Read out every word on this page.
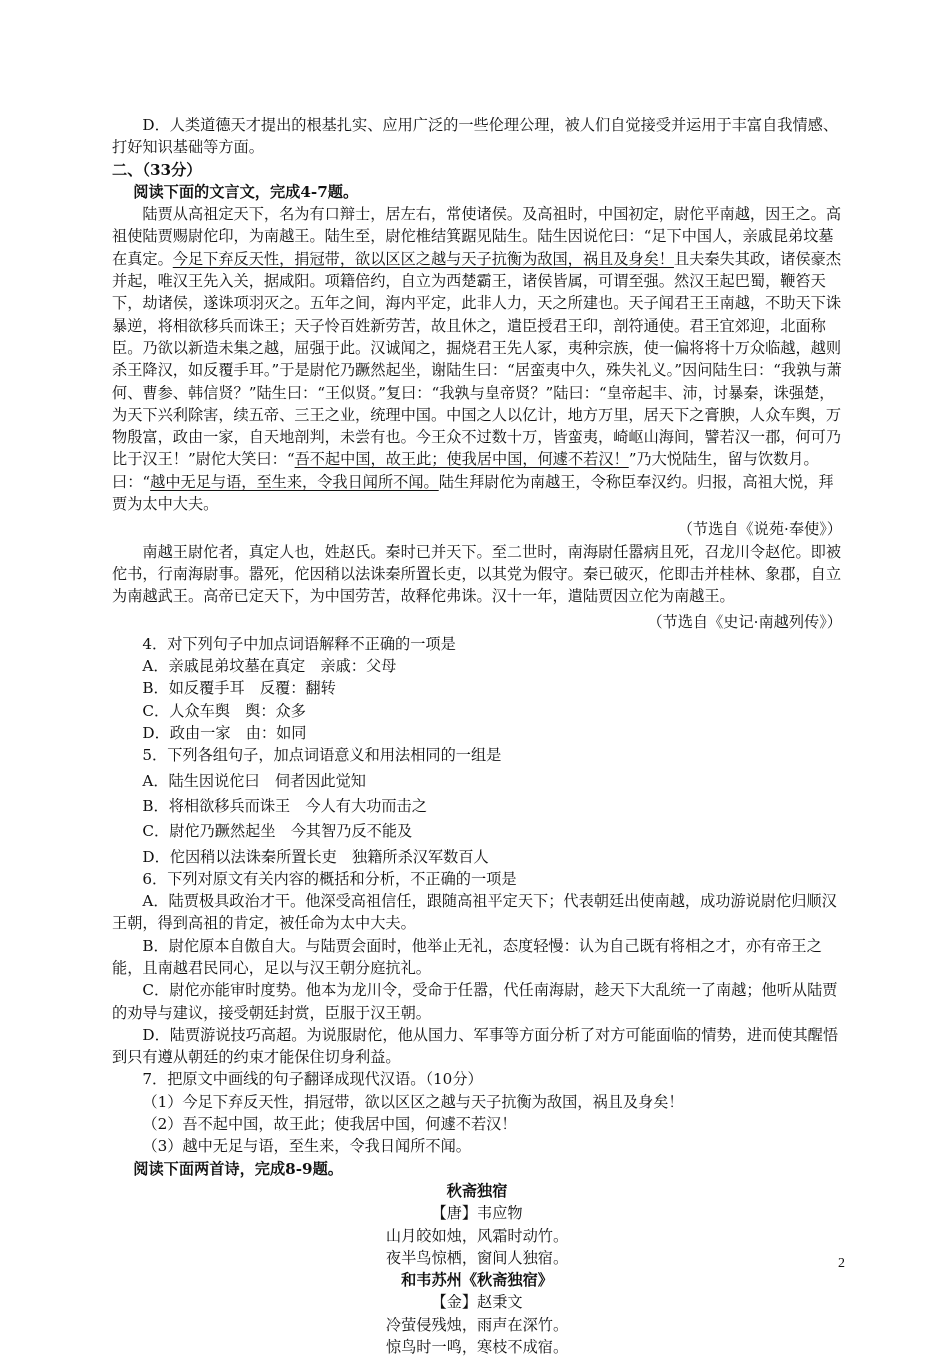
D．人类道德天才提出的根基扎实、应用广泛的一些伦理公理，被人们自觉接受并运用于丰富自我情感、打好知识基础等方面。

二、（33分）

阅读下面的文言文，完成4-7题。

陆贾从高祖定天下，名为有口辩士，居左右，常使诸侯。及高祖时，中国初定，尉佗平南越，因王之。高祖使陆贾赐尉佗印，为南越王。陆生至，尉佗椎结箕踞见陆生。陆生因说佗曰：“足下中国人，亲戚昆弟坟墓在真定。今足下弃反天性，捐冠带，欲以区区之越与天子抗衡为敌国，祸且及身矣！且夫秦失其政，诸侯豪杰并起，唯汉王先入关，据咸阳。项籍倍约，自立为西楚霸王，诸侯皆属，可谓至强。然汉王起巴蜀，鞭笞天下，劫诸侯，遂诛项羽灭之。五年之间，海内平定，此非人力，天之所建也。天子闻君王王南越，不助天下诛暴逆，将相欲移兵而诛王；天子怜百姓新劳苦，故且休之，遣臣授君王印，剖符通使。君王宜郊迎，北面称臣。乃欲以新造未集之越，屈强于此。汉诚闻之，掘烧君王先人冢，夷种宗族，使一偏将将十万众临越，越则杀王降汉，如反覆手耳。”于是尉佗乃蹶然起坐，谢陆生曰：“居蛮夷中久，殊失礼义。”因问陆生曰：“我孰与萧何、曹参、韩信贤？”陆生曰：“王似贤。”复曰：“我孰与皇帝贤？”陆曰：“皇帝起丰、沛，讨暴秦，诛强楚，为天下兴利除害，续五帝、三王之业，统理中国。中国之人以亿计，地方万里，居天下之膏腴，人众车舆，万物殷富，政由一家，自天地剖判，未尝有也。今王众不过数十万，皆蛮夷，崎岖山海间，譬若汉一郡，何可乃比于汉王！”尉佗大笑曰：“吾不起中国，故王此；使我居中国，何遽不若汉！”乃大悦陆生，留与饮数月。曰：“越中无足与语，至生来，令我日闻所不闻。陆生拜尉佗为南越王，令称臣奉汉约。归报，高祖大悦，拜贾为太中大夫。

（节选自《说苑·奉使》）

南越王尉佗者，真定人也，姓赵氏。秦时已并天下。至二世时，南海尉任嚣病且死，召龙川令赵佗。即被佗书，行南海尉事。嚣死，佗因稍以法诛秦所置长吏，以其党为假守。秦已破灭，佗即击并桂林、象郡，自立为南越武王。高帝已定天下，为中国劳苦，故释佗弗诛。汉十一年，遣陆贾因立佗为南越王。

（节选自《史记·南越列传》）

4．对下列句子中加点词语解释不正确的一项是

A．亲戚昆弟坟墓在真定　亲戚：父母

B．如反覆手耳　反覆：翻转

C．人众车舆　舆：众多

D．政由一家　由：如同

5．下列各组句子，加点词语意义和用法相同的一组是

A．陆生因说佗曰　伺者因此觉知

B．将相欲移兵而诛王　今人有大功而击之

C．尉佗乃蹶然起坐　今其智乃反不能及

D．佗因稍以法诛秦所置长吏　独籍所杀汉军数百人

6．下列对原文有关内容的概括和分析，不正确的一项是

A．陆贾极具政治才干。他深受高祖信任，跟随高祖平定天下；代表朝廷出使南越，成功游说尉佗归顺汉王朝，得到高祖的肯定，被任命为太中大夫。

B．尉佗原本自傲自大。与陆贾会面时，他举止无礼，态度轻慢：认为自己既有将相之才，亦有帝王之能，且南越君民同心，足以与汉王朝分庭抗礼。

C．尉佗亦能审时度势。他本为龙川令，受命于任嚣，代任南海尉，趁天下大乱统一了南越；他听从陆贾的劝导与建议，接受朝廷封赏，臣服于汉王朝。

D．陆贾游说技巧高超。为说服尉佗，他从国力、军事等方面分析了对方可能面临的情势，进而使其醒悟到只有遵从朝廷的约束才能保住切身利益。

7．把原文中画线的句子翻译成现代汉语。（10分）

（1）今足下弃反天性，捐冠带，欲以区区之越与天子抗衡为敌国，祸且及身矣！

（2）吾不起中国，故王此；使我居中国，何遽不若汉！

（3）越中无足与语，至生来，令我日闻所不闻。

阅读下面两首诗，完成8-9题。

秋斋独宿

【唐】韦应物

山月皎如烛，风霜时动竹。

夜半鸟惊栖，窗间人独宿。

和韦苏州《秋斋独宿》

【金】赵秉文

冷萤侵残烛，雨声在深竹。

惊鸟时一鸣，寒枝不成宿。

2
